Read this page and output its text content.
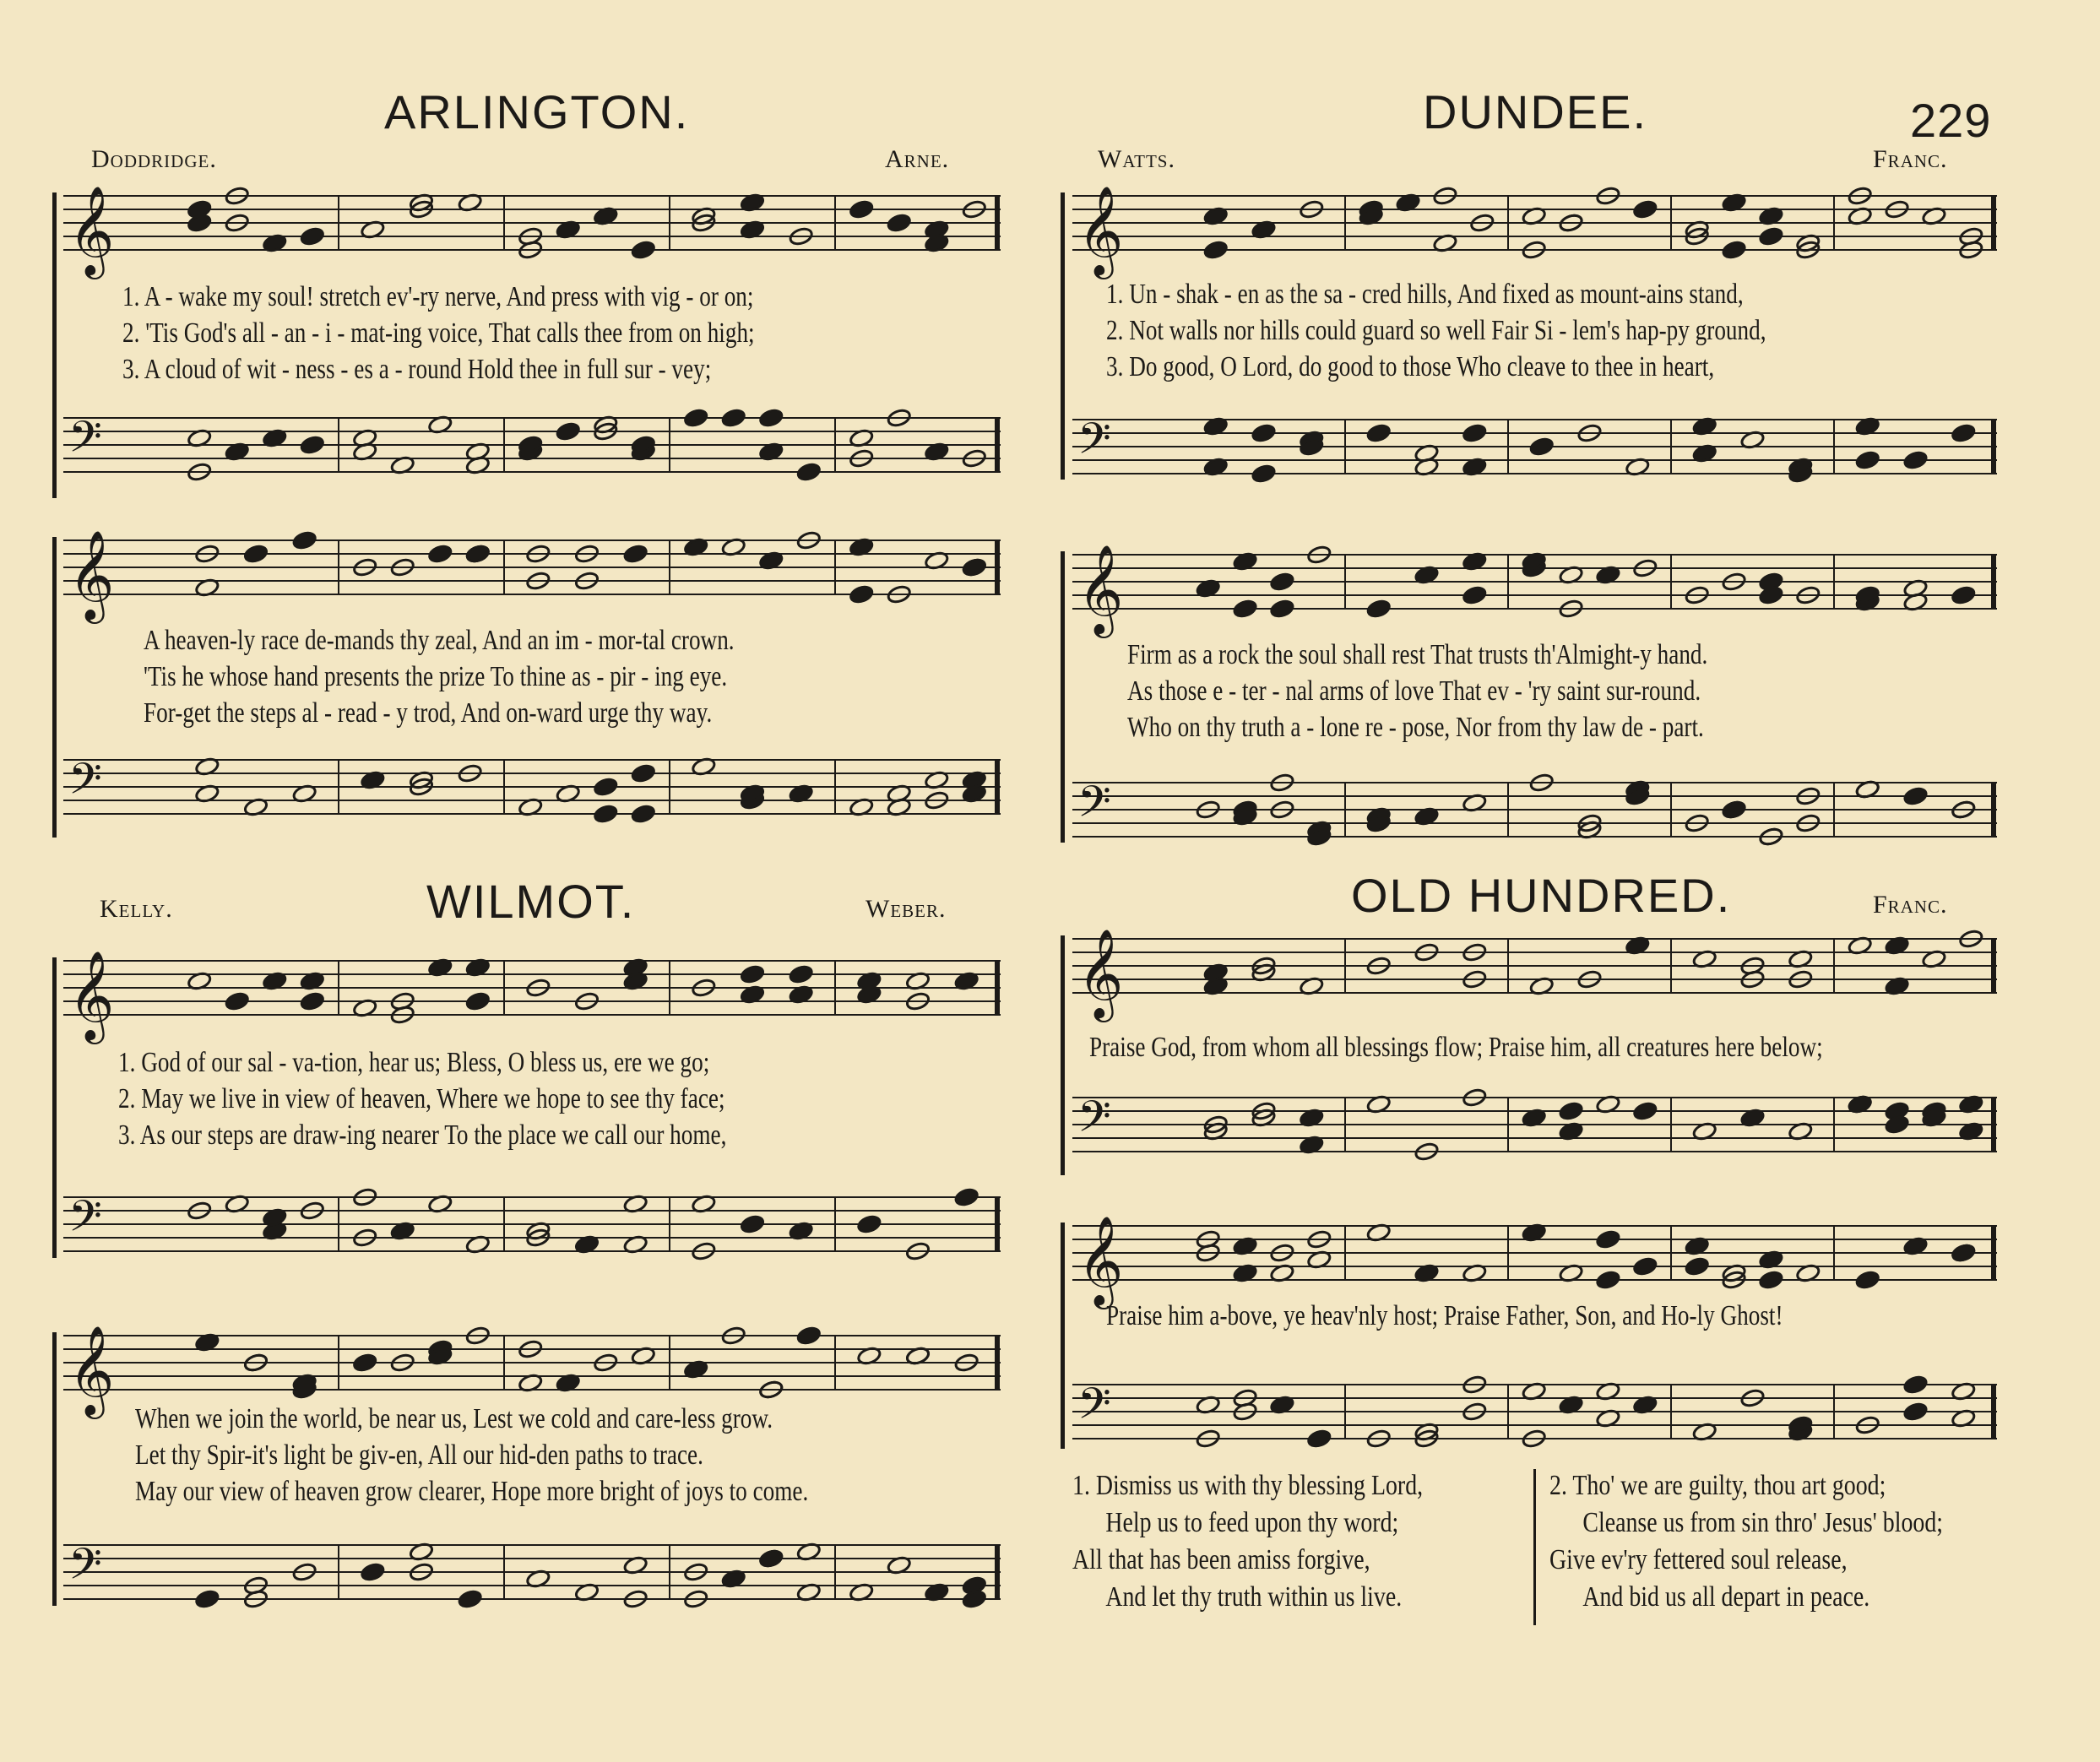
229
ARLINGTON.
Doddridge.	Arne.
𝄞
𝄢
1. A - wake my soul! stretch ev'-ry nerve, And press with vig - or on;
2. 'Tis God's all - an - i - mat-ing voice, That calls thee from on high;
3. A cloud of wit - ness - es a - round Hold thee in full sur - vey;
𝄞
𝄢
A heaven-ly race de-mands thy zeal, And an im - mor-tal crown.
'Tis he whose hand presents the prize To thine as - pir - ing eye.
For-get the steps al - read - y trod, And on-ward urge thy way.
DUNDEE.
Watts.	Franc.
𝄞
𝄢
1. Un - shak - en as the sa - cred hills, And fixed as mount-ains stand,
2. Not walls nor hills could guard so well Fair Si - lem's hap-py ground,
3. Do good, O Lord, do good to those Who cleave to thee in heart,
𝄞
𝄢
Firm as a rock the soul shall rest That trusts th'Almight-y hand.
As those e - ter - nal arms of love That ev - 'ry saint sur-round.
Who on thy truth a - lone re - pose, Nor from thy law de - part.
WILMOT.
Kelly.	Weber.
𝄞
𝄢
1. God of our sal - va-tion, hear us; Bless, O bless us, ere we go;
2. May we live in view of heaven, Where we hope to see thy face;
3. As our steps are draw-ing nearer To the place we call our home,
𝄞
𝄢
When we join the world, be near us, Lest we cold and care-less grow.
Let thy Spir-it's light be giv-en, All our hid-den paths to trace.
May our view of heaven grow clearer, Hope more bright of joys to come.
OLD HUNDRED.	Franc.
𝄞
𝄢
Praise God, from whom all blessings flow; Praise him, all creatures here below;
𝄞
𝄢
Praise him a-bove, ye heav'nly host; Praise Father, Son, and Ho-ly Ghost!
1. Dismiss us with thy blessing Lord,
Help us to feed upon thy word;
All that has been amiss forgive,
And let thy truth within us live.
2. Tho' we are guilty, thou art good;
Cleanse us from sin thro' Jesus' blood;
Give ev'ry fettered soul release,
And bid us all depart in peace.
